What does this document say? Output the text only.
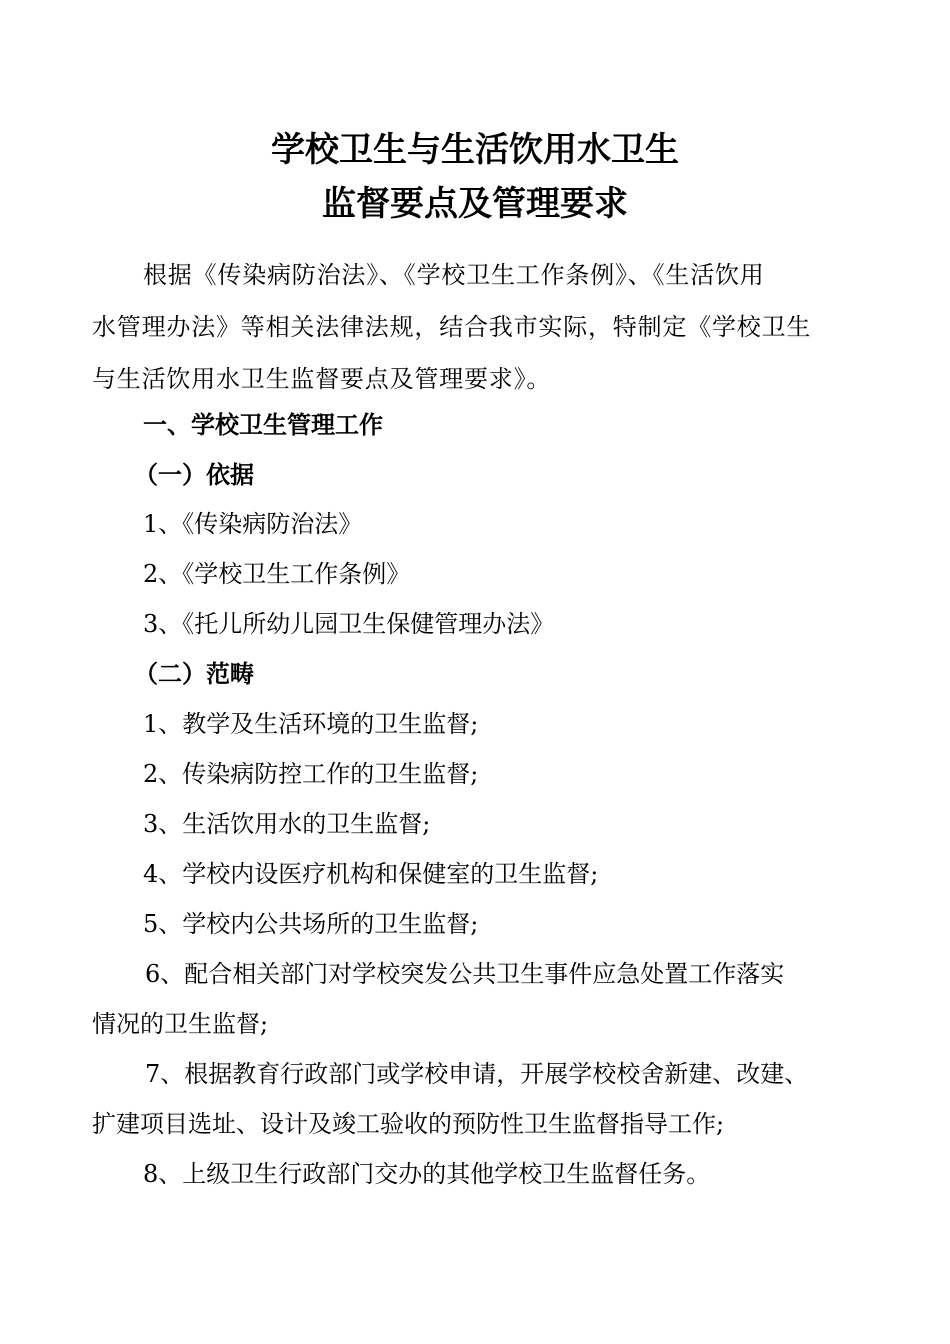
学校卫生与生活饮用水卫生
监督要点及管理要求
根据《传染病防治法》、《学校卫生工作条例》、《生活饮用
水管理办法》等相关法律法规，结合我市实际，特制定《学校卫生
与生活饮用水卫生监督要点及管理要求》。
一、学校卫生管理工作
（一）依据
1、《传染病防治法》
2、《学校卫生工作条例》
3、《托儿所幼儿园卫生保健管理办法》
（二）范畴
1、教学及生活环境的卫生监督;
2、传染病防控工作的卫生监督;
3、生活饮用水的卫生监督;
4、学校内设医疗机构和保健室的卫生监督;
5、学校内公共场所的卫生监督;
6、配合相关部门对学校突发公共卫生事件应急处置工作落实
情况的卫生监督;
7、根据教育行政部门或学校申请，开展学校校舍新建、改建、
扩建项目选址、设计及竣工验收的预防性卫生监督指导工作;
8、上级卫生行政部门交办的其他学校卫生监督任务。
